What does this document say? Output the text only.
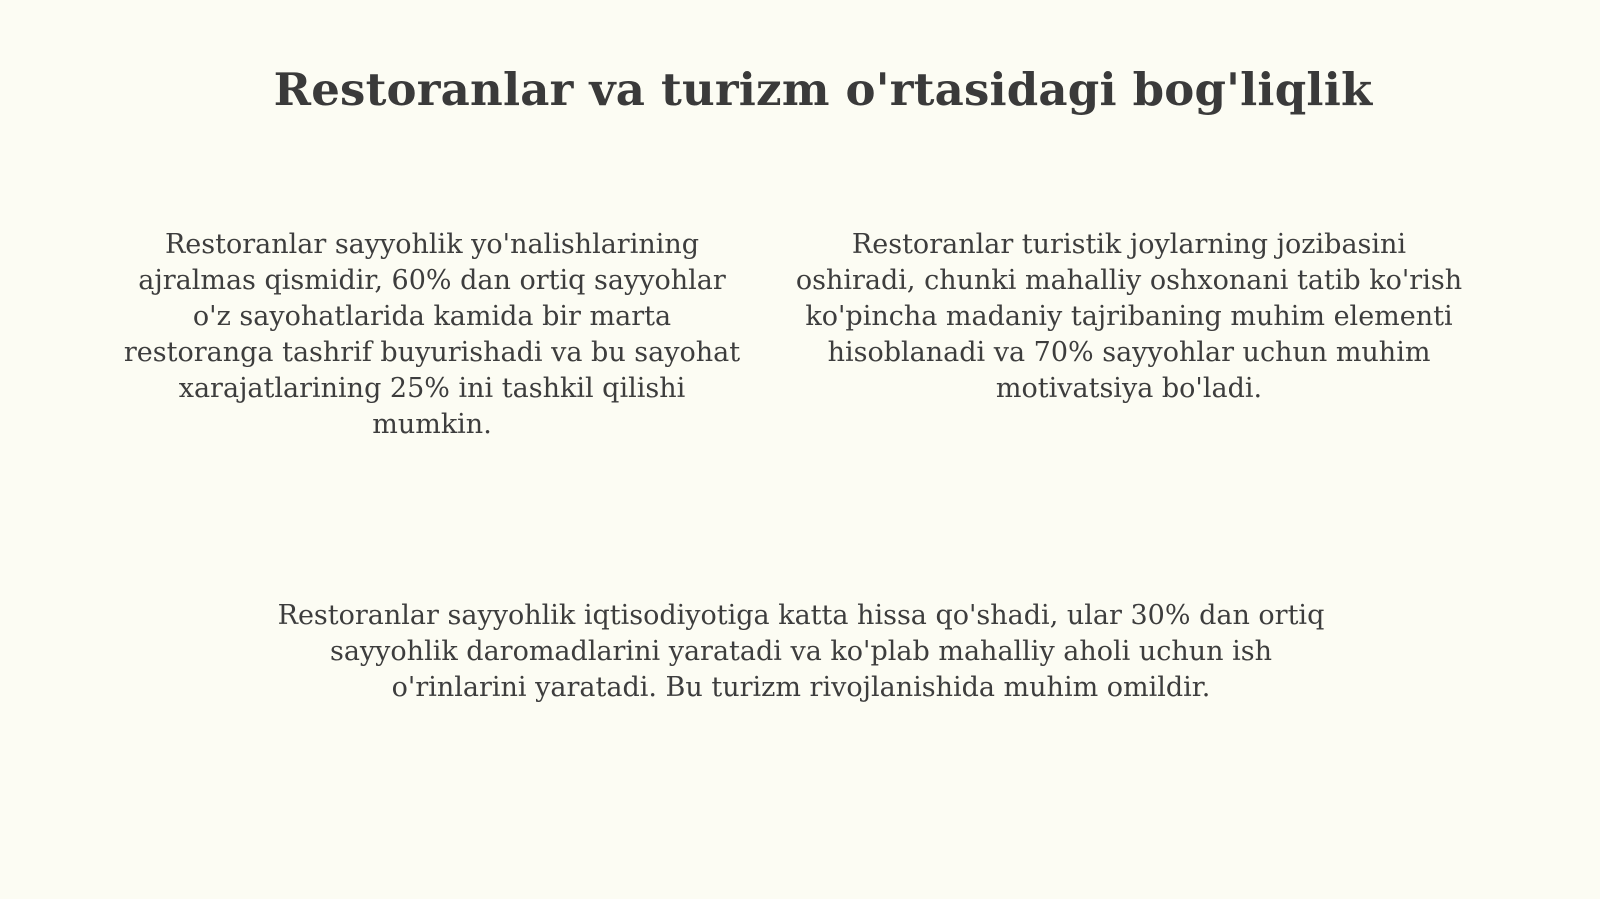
Restoranlar va turizm o'rtasidagi bog'liqlik

Restoranlar sayyohlik yo'nalishlarining ajralmas qismidir, 60% dan ortiq sayyohlar o'z sayohatlarida kamida bir marta restoranga tashrif buyurishadi va bu sayohat xarajatlarining 25% ini tashkil qilishi mumkin.

Restoranlar turistik joylarning jozibasini oshiradi, chunki mahalliy oshxonani tatib ko'rish ko'pincha madaniy tajribaning muhim elementi hisoblanadi va 70% sayyohlar uchun muhim motivatsiya bo'ladi.

Restoranlar sayyohlik iqtisodiyotiga katta hissa qo'shadi, ular 30% dan ortiq sayyohlik daromadlarini yaratadi va ko'plab mahalliy aholi uchun ish o'rinlarini yaratadi. Bu turizm rivojlanishida muhim omildir.
